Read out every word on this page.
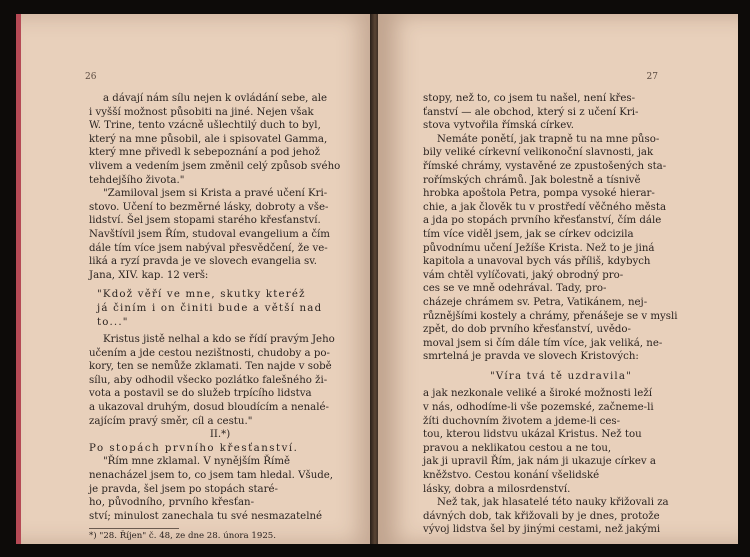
26

a dávají nám sílu nejen k ovládání sebe, ale

i vyšší možnost působiti na jiné. Nejen však

W. Trine, tento vzácně ušlechtilý duch to byl,

který na mne působil, ale i spisovatel Gamma,

který mne přivedl k sebepoznání a pod jehož

vlivem a vedením jsem změnil celý způsob svého

tehdejšího života."

"Zamiloval jsem si Krista a pravé učení Kri-

stovo. Učení to bezměrné lásky, dobroty a vše-

lidství. Šel jsem stopami starého křesťanství.

Navštívil jsem Řím, studoval evangelium a čím

dále tím více jsem nabýval přesvědčení, že ve-

liká a ryzí pravda je ve slovech evangelia sv.

Jana, XIV. kap. 12 verš:

"Kdož věří ve mne, skutky kteréž

já činím i on činiti bude a větší nad

to..."

Kristus jistě nelhal a kdo se řídí pravým Jeho

učením a jde cestou nezištnosti, chudoby a po-

kory, ten se nemůže zklamati. Ten najde v sobě

sílu, aby odhodil všecko pozlátko falešného ži-

vota a postavil se do služeb trpícího lidstva

a ukazoval druhým, dosud bloudícím a nenalé-

zajícím pravý směr, cíl a cestu."

II.*)

Po stopách prvního křesťanství.

"Řím mne zklamal. V nynějším Římě

nenacházel jsem to, co jsem tam hledal. Všude,

je pravda, šel jsem po stopách staré-

ho, původního, prvního křesťan-

ství; minulost zanechala tu své nesmazatelné

*) "28. Říjen" č. 48, ze dne 28. února 1925.

27

stopy, než to, co jsem tu našel, není křes-

ťanství — ale obchod, který si z učení Kri-

stova vytvořila římská církev.

Nemáte ponětí, jak trapně tu na mne půso-

bily veliké církevní velikonoční slavnosti, jak

římské chrámy, vystavěné ze zpustošených sta-

rořímských chrámů. Jak bolestně a tísnivě

hrobka apoštola Petra, pompa vysoké hierar-

chie, a jak člověk tu v prostředí věčného města

a jda po stopách prvního křesťanství, čím dále

tím více viděl jsem, jak se církev odcizila

původnímu učení Ježíše Krista. Než to je jiná

kapitola a unavoval bych vás příliš, kdybych

vám chtěl vylíčovati, jaký obrodný pro-

ces se ve mně odehrával. Tady, pro-

cházeje chrámem sv. Petra, Vatikánem, nej-

různějšími kostely a chrámy, přenášeje se v mysli

zpět, do dob prvního křesťanství, uvědo-

moval jsem si čím dále tím více, jak veliká, ne-

smrtelná je pravda ve slovech Kristových:

"Víra tvá tě uzdravila"

a jak nezkonale veliké a široké možnosti leží

v nás, odhodíme-li vše pozemské, začneme-li

žíti duchovním životem a jdeme-li ces-

tou, kterou lidstvu ukázal Kristus. Než tou

pravou a neklikatou cestou a ne tou,

jak ji upravil Řím, jak nám ji ukazuje církev a

kněžstvo. Cestou konání všelidské

lásky, dobra a milosrdenství.

Než tak, jak hlasatelé této nauky křižovali za

dávných dob, tak křižovali by je dnes, protože

vývoj lidstva šel by jinými cestami, než jakými
